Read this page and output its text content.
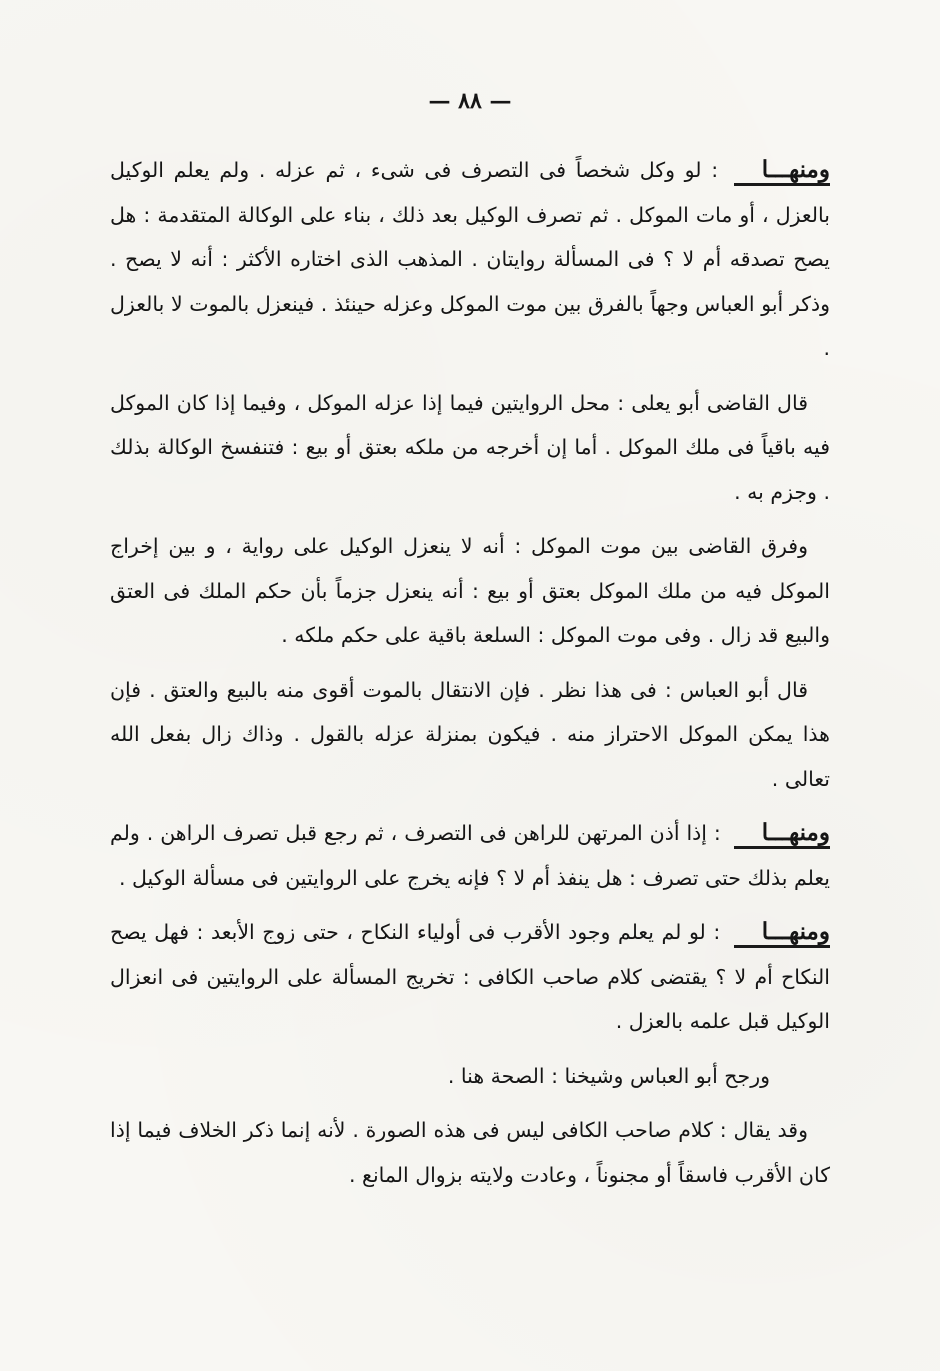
— ٨٨ —

ومنهـــا : لو وكل شخصاً فى التصرف فى شىء ، ثم عزله . ولم يعلم الوكيل بالعزل ، أو مات الموكل . ثم تصرف الوكيل بعد ذلك ، بناء على الوكالة المتقدمة : هل يصح تصدقه أم لا ؟ فى المسألة روايتان . المذهب الذى اختاره الأكثر : أنه لا يصح . وذكر أبو العباس وجهاً بالفرق بين موت الموكل وعزله حينئذ . فينعزل بالموت لا بالعزل .

قال القاضى أبو يعلى : محل الروايتين فيما إذا عزله الموكل ، وفيما إذا كان الموكل فيه باقياً فى ملك الموكل . أما إن أخرجه من ملكه بعتق أو بيع : فتنفسخ الوكالة بذلك . وجزم به .

وفرق القاضى بين موت الموكل : أنه لا ينعزل الوكيل على رواية ، و بين إخراج الموكل فيه من ملك الموكل بعتق أو بيع : أنه ينعزل جزماً بأن حكم الملك فى العتق والبيع قد زال . وفى موت الموكل : السلعة باقية على حكم ملكه .

قال أبو العباس : فى هذا نظر . فإن الانتقال بالموت أقوى منه بالبيع والعتق . فإن هذا يمكن الموكل الاحتراز منه . فيكون بمنزلة عزله بالقول . وذاك زال بفعل الله تعالى .

ومنهـــا : إذا أذن المرتهن للراهن فى التصرف ، ثم رجع قبل تصرف الراهن . ولم يعلم بذلك حتى تصرف : هل ينفذ أم لا ؟ فإنه يخرج على الروايتين فى مسألة الوكيل .

ومنهـــا : لو لم يعلم وجود الأقرب فى أولياء النكاح ، حتى زوج الأبعد : فهل يصح النكاح أم لا ؟ يقتضى كلام صاحب الكافى : تخريج المسألة على الروايتين فى انعزال الوكيل قبل علمه بالعزل .

ورجح أبو العباس وشيخنا : الصحة هنا .

وقد يقال : كلام صاحب الكافى ليس فى هذه الصورة . لأنه إنما ذكر الخلاف فيما إذا كان الأقرب فاسقاً أو مجنوناً ، وعادت ولايته بزوال المانع .
